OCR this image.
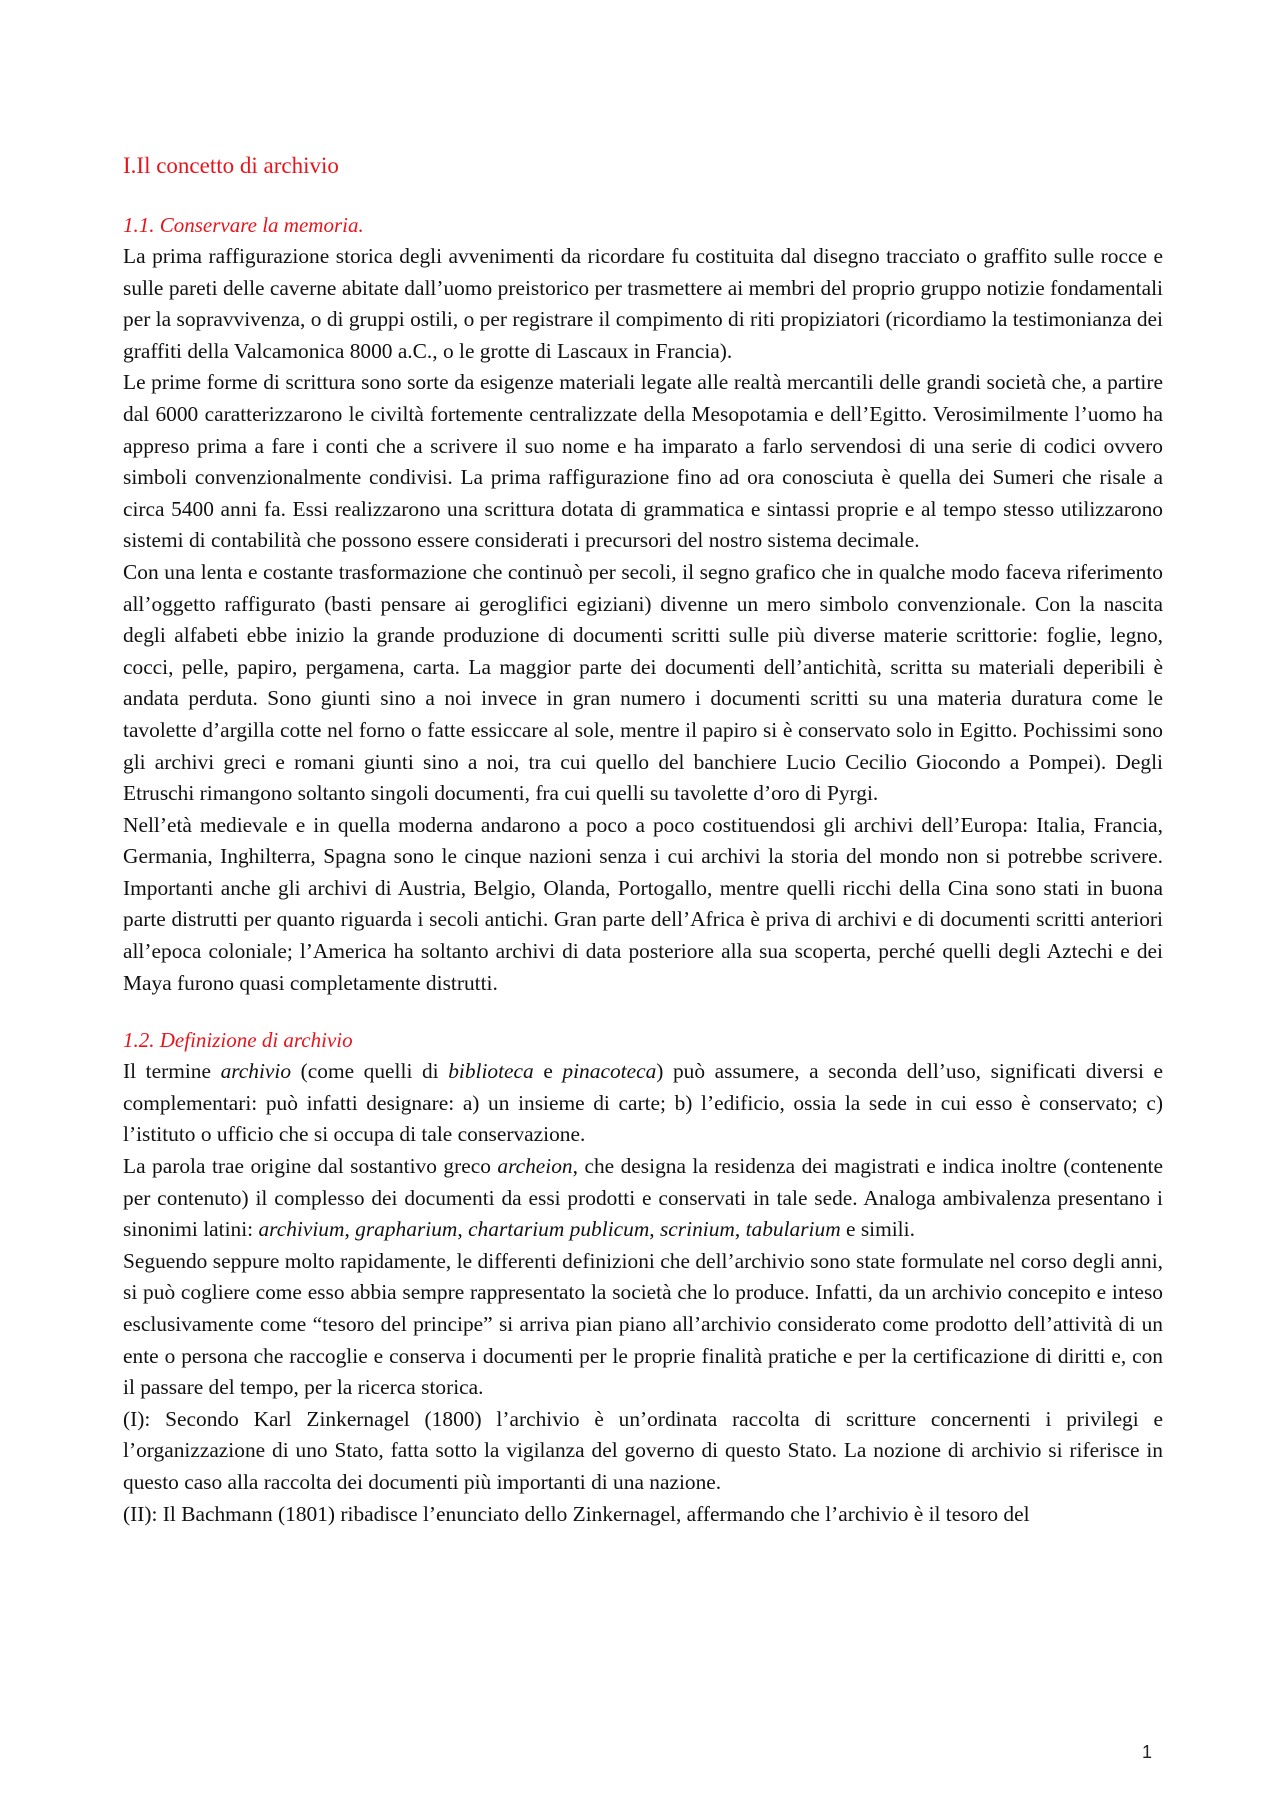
I.Il concetto di archivio
1.1. Conservare la memoria.

La prima raffigurazione storica degli avvenimenti da ricordare fu costituita dal disegno tracciato o graffito sulle rocce e sulle pareti delle caverne abitate dall’uomo preistorico per trasmettere ai membri del proprio gruppo notizie fondamentali per la sopravvivenza, o di gruppi ostili, o per registrare il compimento di riti propiziatori (ricordiamo la testimonianza dei graffiti della Valcamonica 8000 a.C., o le grotte di Lascaux in Francia).

Le prime forme di scrittura sono sorte da esigenze materiali legate alle realtà mercantili delle grandi società che, a partire dal 6000 caratterizzarono le civiltà fortemente centralizzate della Mesopotamia e dell’Egitto. Verosimilmente l’uomo ha appreso prima a fare i conti che a scrivere il suo nome e ha imparato a farlo servendosi di una serie di codici ovvero simboli convenzionalmente condivisi. La prima raffigurazione fino ad ora conosciuta è quella dei Sumeri che risale a circa 5400 anni fa. Essi realizzarono una scrittura dotata di grammatica e sintassi proprie e al tempo stesso utilizzarono sistemi di contabilità che possono essere considerati i precursori del nostro sistema decimale.

Con una lenta e costante trasformazione che continuò per secoli, il segno grafico che in qualche modo faceva riferimento all’oggetto raffigurato (basti pensare ai geroglifici egiziani) divenne un mero simbolo convenzionale. Con la nascita degli alfabeti ebbe inizio la grande produzione di documenti scritti sulle più diverse materie scrittorie: foglie, legno, cocci, pelle, papiro, pergamena, carta. La maggior parte dei documenti dell’antichità, scritta su materiali deperibili è andata perduta. Sono giunti sino a noi invece in gran numero i documenti scritti su una materia duratura come le tavolette d’argilla cotte nel forno o fatte essiccare al sole, mentre il papiro si è conservato solo in Egitto. Pochissimi sono gli archivi greci e romani giunti sino a noi, tra cui quello del banchiere Lucio Cecilio Giocondo a Pompei). Degli Etruschi rimangono soltanto singoli documenti, fra cui quelli su tavolette d’oro di Pyrgi.

Nell’età medievale e in quella moderna andarono a poco a poco costituendosi gli archivi dell’Europa: Italia, Francia, Germania, Inghilterra, Spagna sono le cinque nazioni senza i cui archivi la storia del mondo non si potrebbe scrivere. Importanti anche gli archivi di Austria, Belgio, Olanda, Portogallo, mentre quelli ricchi della Cina sono stati in buona parte distrutti per quanto riguarda i secoli antichi. Gran parte dell’Africa è priva di archivi e di documenti scritti anteriori all’epoca coloniale; l’America ha soltanto archivi di data posteriore alla sua scoperta, perché quelli degli Aztechi e dei Maya furono quasi completamente distrutti.

1.2. Definizione di archivio

Il termine archivio (come quelli di biblioteca e pinacoteca) può assumere, a seconda dell’uso, significati diversi e complementari: può infatti designare: a) un insieme di carte; b) l’edificio, ossia la sede in cui esso è conservato; c) l’istituto o ufficio che si occupa di tale conservazione.

La parola trae origine dal sostantivo greco archeion, che designa la residenza dei magistrati e indica inoltre (contenente per contenuto) il complesso dei documenti da essi prodotti e conservati in tale sede. Analoga ambivalenza presentano i sinonimi latini: archivium, grapharium, chartarium publicum, scrinium, tabularium e simili.

Seguendo seppure molto rapidamente, le differenti definizioni che dell’archivio sono state formulate nel corso degli anni, si può cogliere come esso abbia sempre rappresentato la società che lo produce. Infatti, da un archivio concepito e inteso esclusivamente come “tesoro del principe” si arriva pian piano all’archivio considerato come prodotto dell’attività di un ente o persona che raccoglie e conserva i documenti per le proprie finalità pratiche e per la certificazione di diritti e, con il passare del tempo, per la ricerca storica.

(I): Secondo Karl Zinkernagel (1800) l’archivio è un’ordinata raccolta di scritture concernenti i privilegi e l’organizzazione di uno Stato, fatta sotto la vigilanza del governo di questo Stato. La nozione di archivio si riferisce in questo caso alla raccolta dei documenti più importanti di una nazione.

(II): Il Bachmann (1801) ribadisce l’enunciato dello Zinkernagel, affermando che l’archivio è il tesoro del

1
